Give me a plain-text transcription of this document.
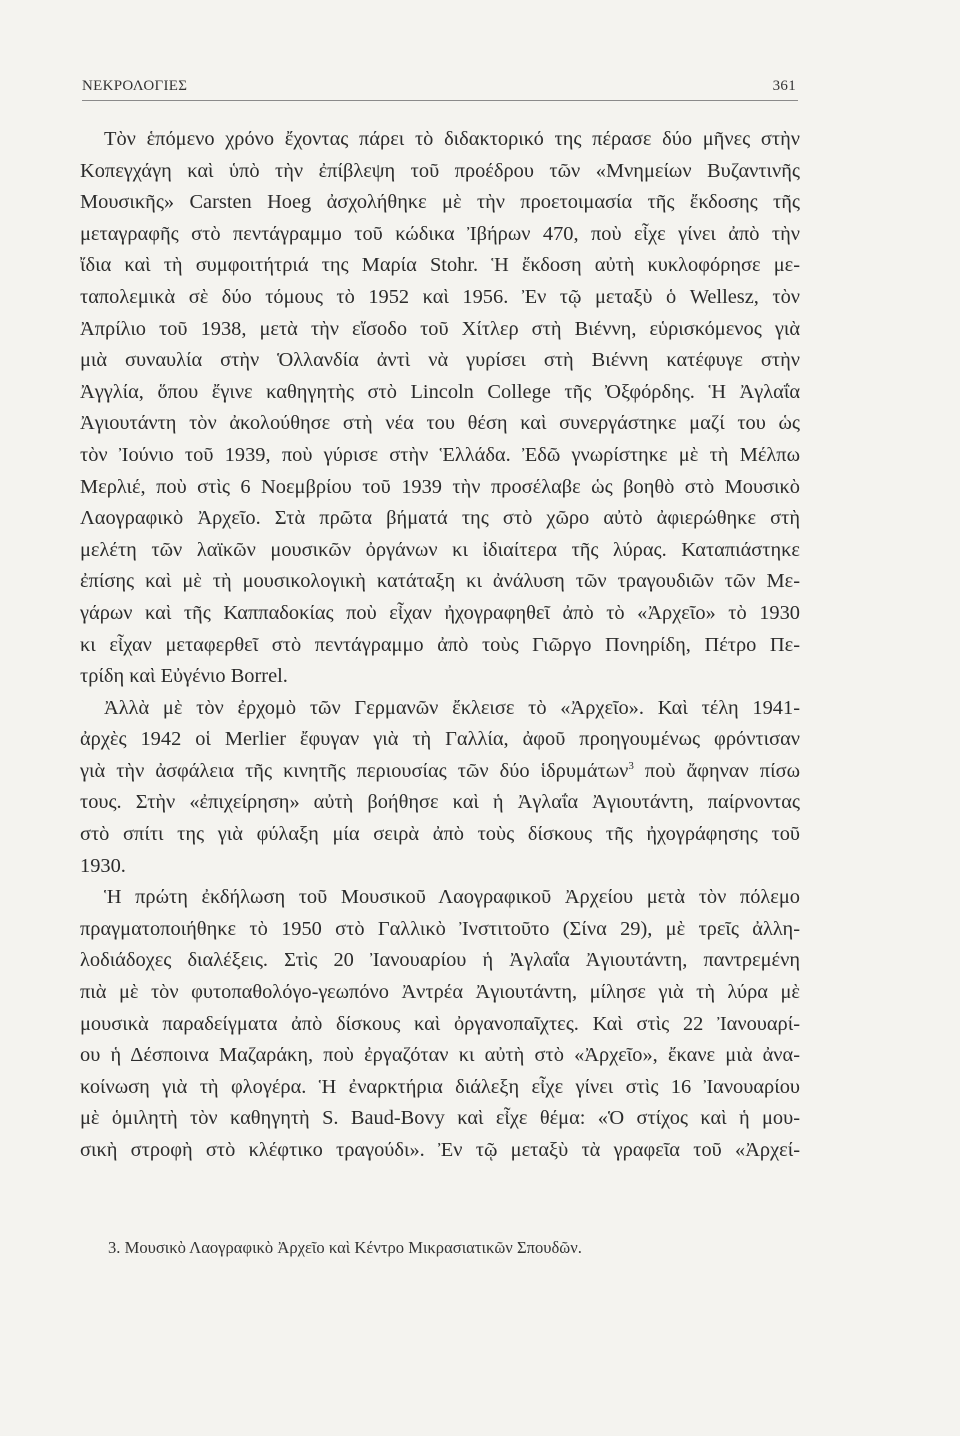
ΝΕΚΡΟΛΟΓΙΕΣ	361

Τὸν ἑπόμενο χρόνο ἔχοντας πάρει τὸ διδακτορικό της πέρασε δύο μῆνες στὴν
Κοπεγχάγη καὶ ὑπὸ τὴν ἐπίβλεψη τοῦ προέδρου τῶν «Μνημείων Βυζαντινῆς
Μουσικῆς» Carsten Hoeg ἀσχολήθηκε μὲ τὴν προετοιμασία τῆς ἔκδοσης τῆς
μεταγραφῆς στὸ πεντάγραμμο τοῦ κώδικα Ἰβήρων 470, ποὺ εἶχε γίνει ἀπὸ τὴν
ἴδια καὶ τὴ συμφοιτήτριά της Μαρία Stohr. Ἡ ἔκδοση αὐτὴ κυκλοφόρησε με-
ταπολεμικὰ σὲ δύο τόμους τὸ 1952 καὶ 1956. Ἐν τῷ μεταξὺ ὁ Wellesz, τὸν
Ἀπρίλιο τοῦ 1938, μετὰ τὴν εἴσοδο τοῦ Χίτλερ στὴ Βιέννη, εὑρισκόμενος γιὰ
μιὰ συναυλία στὴν Ὁλλανδία ἀντὶ νὰ γυρίσει στὴ Βιέννη κατέφυγε στὴν
Ἀγγλία, ὅπου ἔγινε καθηγητὴς στὸ Lincoln College τῆς Ὀξφόρδης. Ἡ Ἀγλαΐα
Ἀγιουτάντη τὸν ἀκολούθησε στὴ νέα του θέση καὶ συνεργάστηκε μαζί του ὡς
τὸν Ἰούνιο τοῦ 1939, ποὺ γύρισε στὴν Ἑλλάδα. Ἐδῶ γνωρίστηκε μὲ τὴ Μέλπω
Μερλιέ, ποὺ στὶς 6 Νοεμβρίου τοῦ 1939 τὴν προσέλαβε ὡς βοηθὸ στὸ Μουσικὸ
Λαογραφικὸ Ἀρχεῖο. Στὰ πρῶτα βήματά της στὸ χῶρο αὐτὸ ἀφιερώθηκε στὴ
μελέτη τῶν λαϊκῶν μουσικῶν ὀργάνων κι ἰδιαίτερα τῆς λύρας. Καταπιάστηκε
ἐπίσης καὶ μὲ τὴ μουσικολογικὴ κατάταξη κι ἀνάλυση τῶν τραγουδιῶν τῶν Με-
γάρων καὶ τῆς Καππαδοκίας ποὺ εἶχαν ἠχογραφηθεῖ ἀπὸ τὸ «Ἀρχεῖο» τὸ 1930
κι εἶχαν μεταφερθεῖ στὸ πεντάγραμμο ἀπὸ τοὺς Γιῶργο Πονηρίδη, Πέτρο Πε-
τρίδη καὶ Εὐγένιο Borrel.

Ἀλλὰ μὲ τὸν ἐρχομὸ τῶν Γερμανῶν ἔκλεισε τὸ «Ἀρχεῖο». Καὶ τέλη 1941-
ἀρχὲς 1942 οἱ Merlier ἔφυγαν γιὰ τὴ Γαλλία, ἀφοῦ προηγουμένως φρόντισαν
γιὰ τὴν ἀσφάλεια τῆς κινητῆς περιουσίας τῶν δύο ἱδρυμάτων$^3$ ποὺ ἄφηναν πίσω
τους. Στὴν «ἐπιχείρηση» αὐτὴ βοήθησε καὶ ἡ Ἀγλαΐα Ἀγιουτάντη, παίρνοντας
στὸ σπίτι της γιὰ φύλαξη μία σειρὰ ἀπὸ τοὺς δίσκους τῆς ἠχογράφησης τοῦ
1930.

Ἡ πρώτη ἐκδήλωση τοῦ Μουσικοῦ Λαογραφικοῦ Ἀρχείου μετὰ τὸν πόλεμο
πραγματοποιήθηκε τὸ 1950 στὸ Γαλλικὸ Ἰνστιτοῦτο (Σίνα 29), μὲ τρεῖς ἀλλη-
λοδιάδοχες διαλέξεις. Στὶς 20 Ἰανουαρίου ἡ Ἀγλαΐα Ἀγιουτάντη, παντρεμένη
πιὰ μὲ τὸν φυτοπαθολόγο-γεωπόνο Ἀντρέα Ἀγιουτάντη, μίλησε γιὰ τὴ λύρα μὲ
μουσικὰ παραδείγματα ἀπὸ δίσκους καὶ ὀργανοπαῖχτες. Καὶ στὶς 22 Ἰανουαρί-
ου ἡ Δέσποινα Μαζαράκη, ποὺ ἐργαζόταν κι αὐτὴ στὸ «Ἀρχεῖο», ἔκανε μιὰ ἀνα-
κοίνωση γιὰ τὴ φλογέρα. Ἡ ἐναρκτήρια διάλεξη εἶχε γίνει στὶς 16 Ἰανουαρίου
μὲ ὁμιλητὴ τὸν καθηγητὴ S. Baud-Bovy καὶ εἶχε θέμα: «Ὁ στίχος καὶ ἡ μου-
σικὴ στροφὴ στὸ κλέφτικο τραγούδι». Ἐν τῷ μεταξὺ τὰ γραφεῖα τοῦ «Ἀρχεί-

3. Μουσικὸ Λαογραφικὸ Ἀρχεῖο καὶ Κέντρο Μικρασιατικῶν Σπουδῶν.
